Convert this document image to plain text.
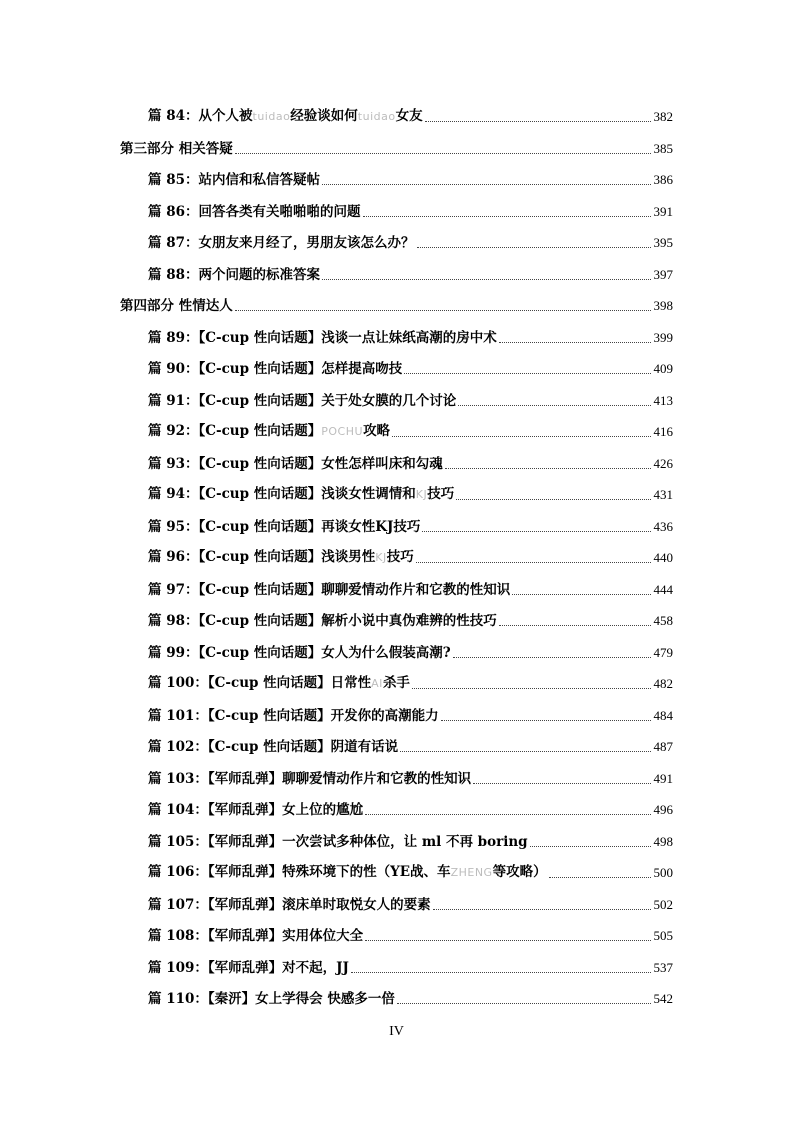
篇 84：从个人被tuidao经验谈如何tuidao女友	382
第三部分 相关答疑	385
篇 85：站内信和私信答疑帖	386
篇 86：回答各类有关啪啪啪的问题	391
篇 87：女朋友来月经了，男朋友该怎么办？	395
篇 88：两个问题的标准答案	397
第四部分 性情达人	398
篇 89：【C-cup 性向话题】浅谈一点让妹纸高潮的房中术	399
篇 90：【C-cup 性向话题】怎样提高吻技	409
篇 91：【C-cup 性向话题】关于处女膜的几个讨论	413
篇 92：【C-cup 性向话题】POCHU攻略	416
篇 93：【C-cup 性向话题】女性怎样叫床和勾魂	426
篇 94：【C-cup 性向话题】浅谈女性调情和KJ技巧	431
篇 95：【C-cup 性向话题】再谈女性KJ技巧	436
篇 96：【C-cup 性向话题】浅谈男性KJ技巧	440
篇 97：【C-cup 性向话题】聊聊爱情动作片和它教的性知识	444
篇 98：【C-cup 性向话题】解析小说中真伪难辨的性技巧	458
篇 99：【C-cup 性向话题】女人为什么假装高潮?	479
篇 100：【C-cup 性向话题】日常性AI杀手	482
篇 101：【C-cup 性向话题】开发你的高潮能力	484
篇 102：【C-cup 性向话题】阴道有话说	487
篇 103：【军师乱弹】聊聊爱情动作片和它教的性知识	491
篇 104：【军师乱弹】女上位的尴尬	496
篇 105：【军师乱弹】一次尝试多种体位，让 ml 不再 boring	498
篇 106：【军师乱弹】特殊环境下的性（YE战、车ZHENG等攻略）	500
篇 107：【军师乱弹】滚床单时取悦女人的要素	502
篇 108：【军师乱弹】实用体位大全	505
篇 109：【军师乱弹】对不起，JJ	537
篇 110：【秦汧】女上学得会 快感多一倍	542
IV
